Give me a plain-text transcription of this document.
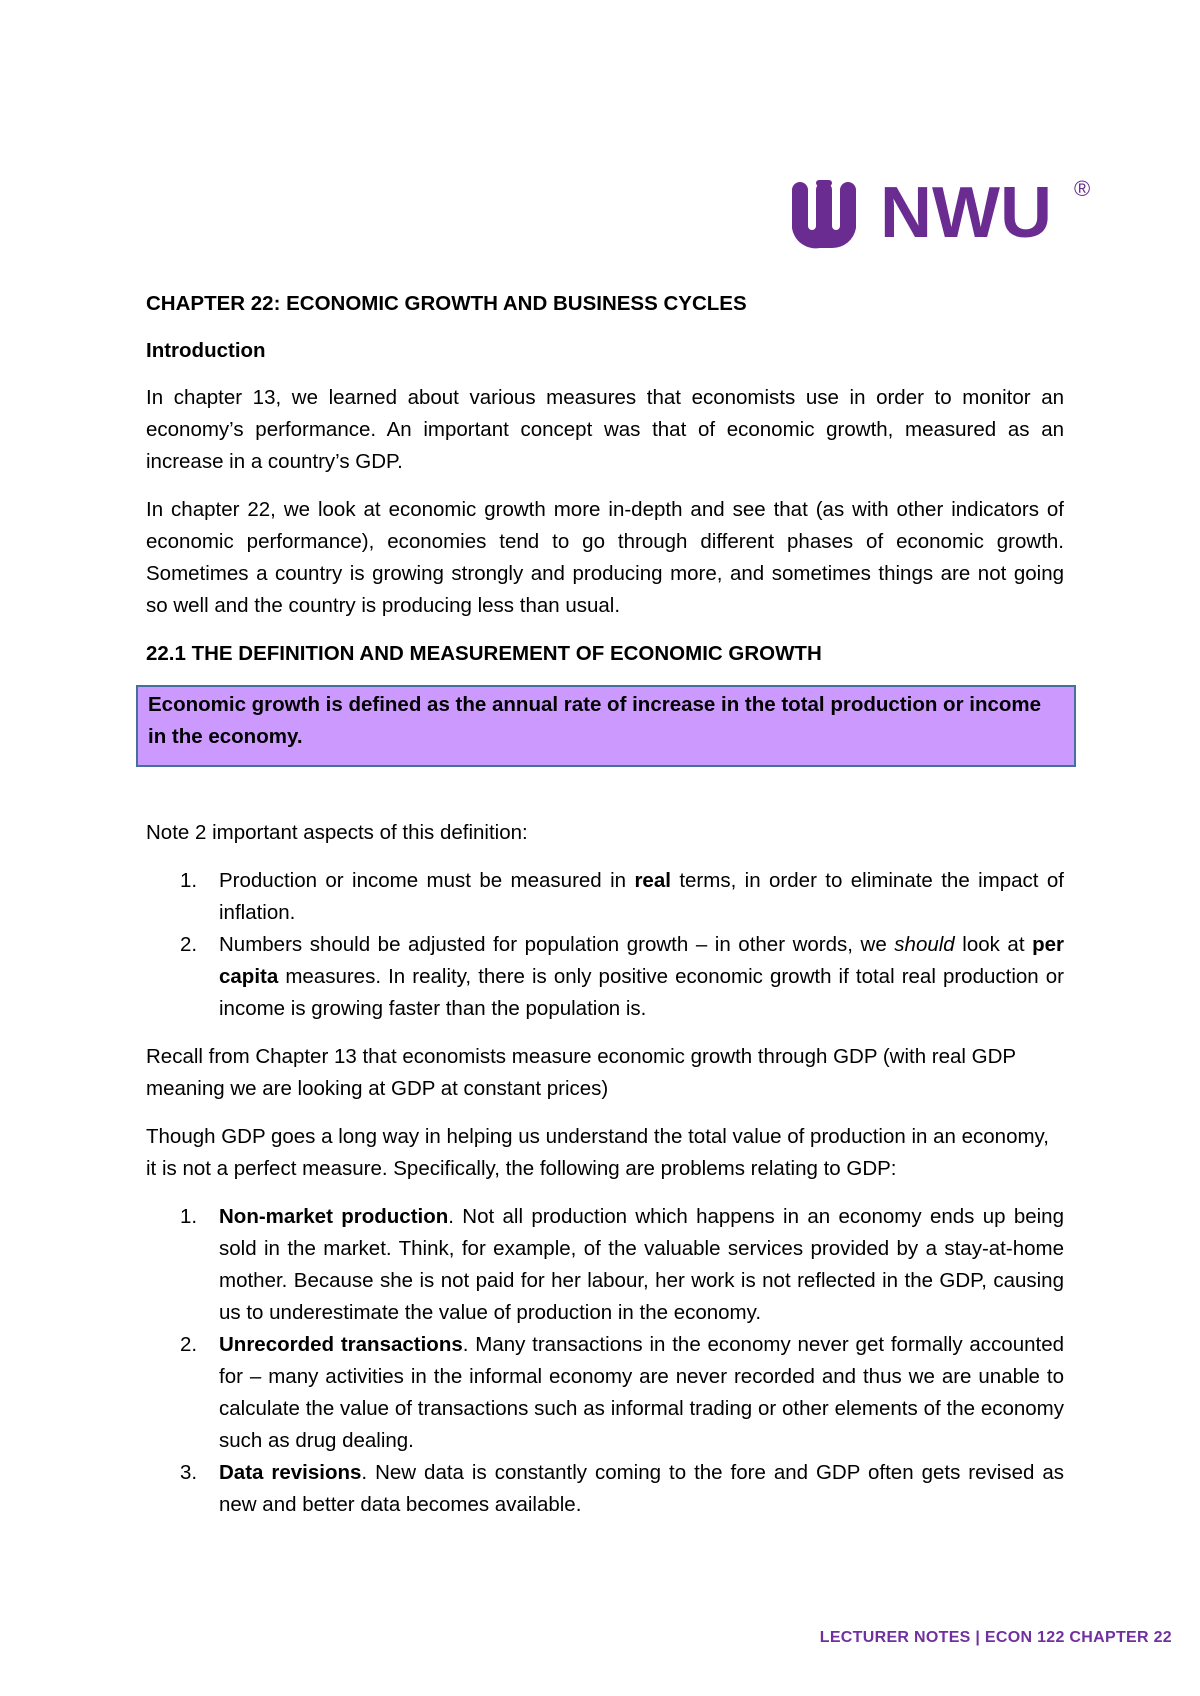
NWU ®

CHAPTER 22: ECONOMIC GROWTH AND BUSINESS CYCLES

Introduction

In chapter 13, we learned about various measures that economists use in order to monitor an economy’s performance. An important concept was that of economic growth, measured as an increase in a country’s GDP.

In chapter 22, we look at economic growth more in-depth and see that (as with other indicators of economic performance), economies tend to go through different phases of economic growth. Sometimes a country is growing strongly and producing more, and sometimes things are not going so well and the country is producing less than usual.

22.1 THE DEFINITION AND MEASUREMENT OF ECONOMIC GROWTH

Economic growth is defined as the annual rate of increase in the total production or income in the economy.

Note 2 important aspects of this definition:

1. Production or income must be measured in real terms, in order to eliminate the impact of inflation.
2. Numbers should be adjusted for population growth – in other words, we should look at per capita measures. In reality, there is only positive economic growth if total real production or income is growing faster than the population is.

Recall from Chapter 13 that economists measure economic growth through GDP (with real GDP meaning we are looking at GDP at constant prices)

Though GDP goes a long way in helping us understand the total value of production in an economy, it is not a perfect measure. Specifically, the following are problems relating to GDP:

1. Non-market production. Not all production which happens in an economy ends up being sold in the market. Think, for example, of the valuable services provided by a stay-at-home mother. Because she is not paid for her labour, her work is not reflected in the GDP, causing us to underestimate the value of production in the economy.
2. Unrecorded transactions. Many transactions in the economy never get formally accounted for – many activities in the informal economy are never recorded and thus we are unable to calculate the value of transactions such as informal trading or other elements of the economy such as drug dealing.
3. Data revisions. New data is constantly coming to the fore and GDP often gets revised as new and better data becomes available.
LECTURER NOTES | ECON 122 CHAPTER 22
